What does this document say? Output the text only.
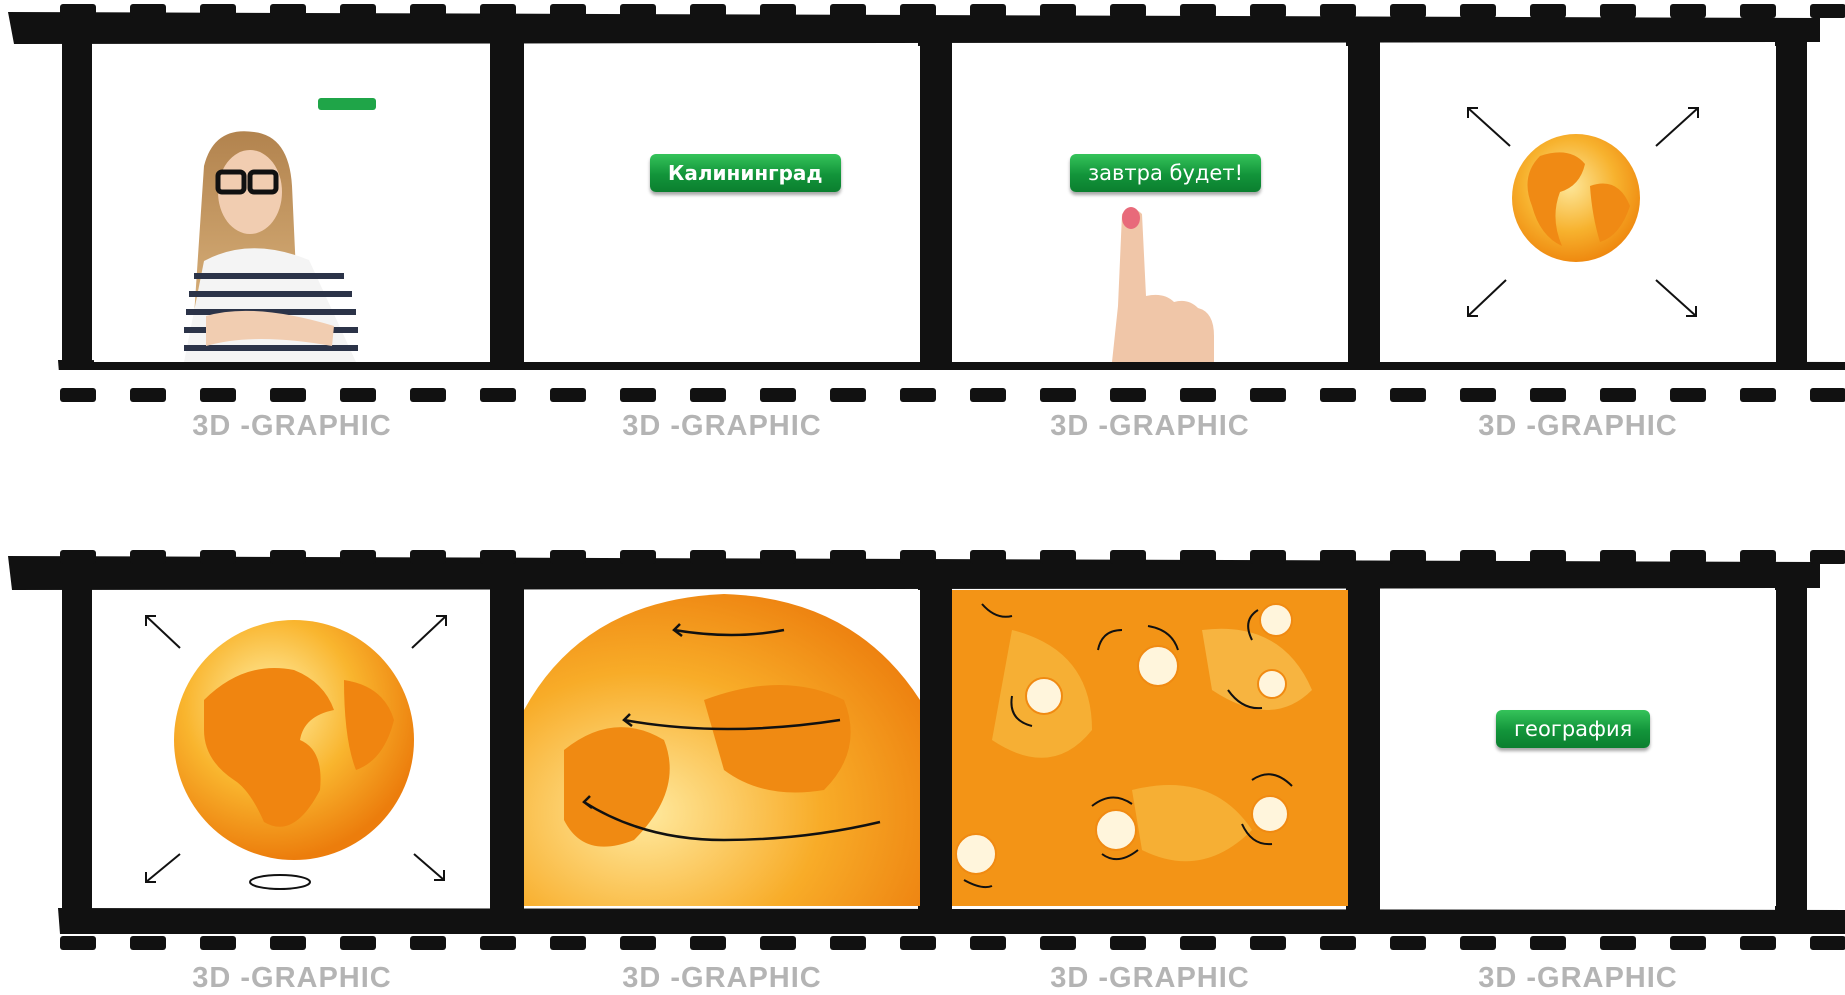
Калининград	завтра будет!
3D -GRAPHIC	3D -GRAPHIC	3D -GRAPHIC	3D -GRAPHIC
география
3D -GRAPHIC	3D -GRAPHIC	3D -GRAPHIC	3D -GRAPHIC
